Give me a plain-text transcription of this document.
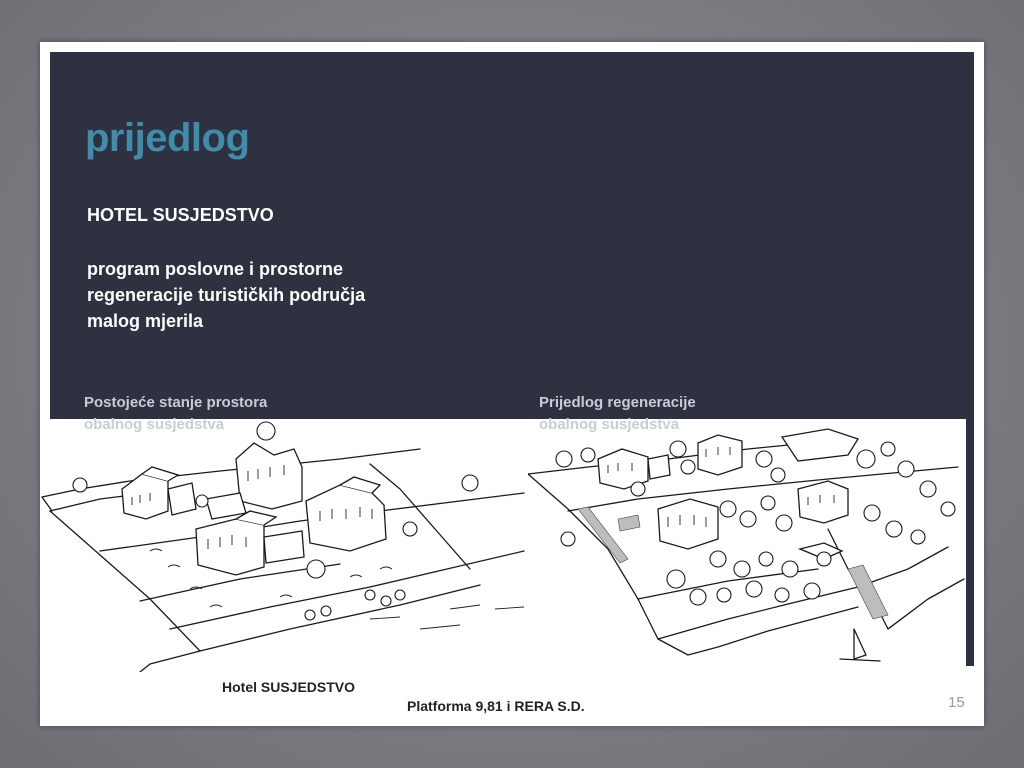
prijedlog
HOTEL SUSJEDSTVO
program poslovne i prostorne
regeneracije turističkih područja
malog mjerila
Postojeće stanje prostora
obalnog susjedstva
Prijedlog regeneracije
obalnog susjedstva
Hotel SUSJEDSTVO
Platforma 9,81 i RERA S.D.	15
